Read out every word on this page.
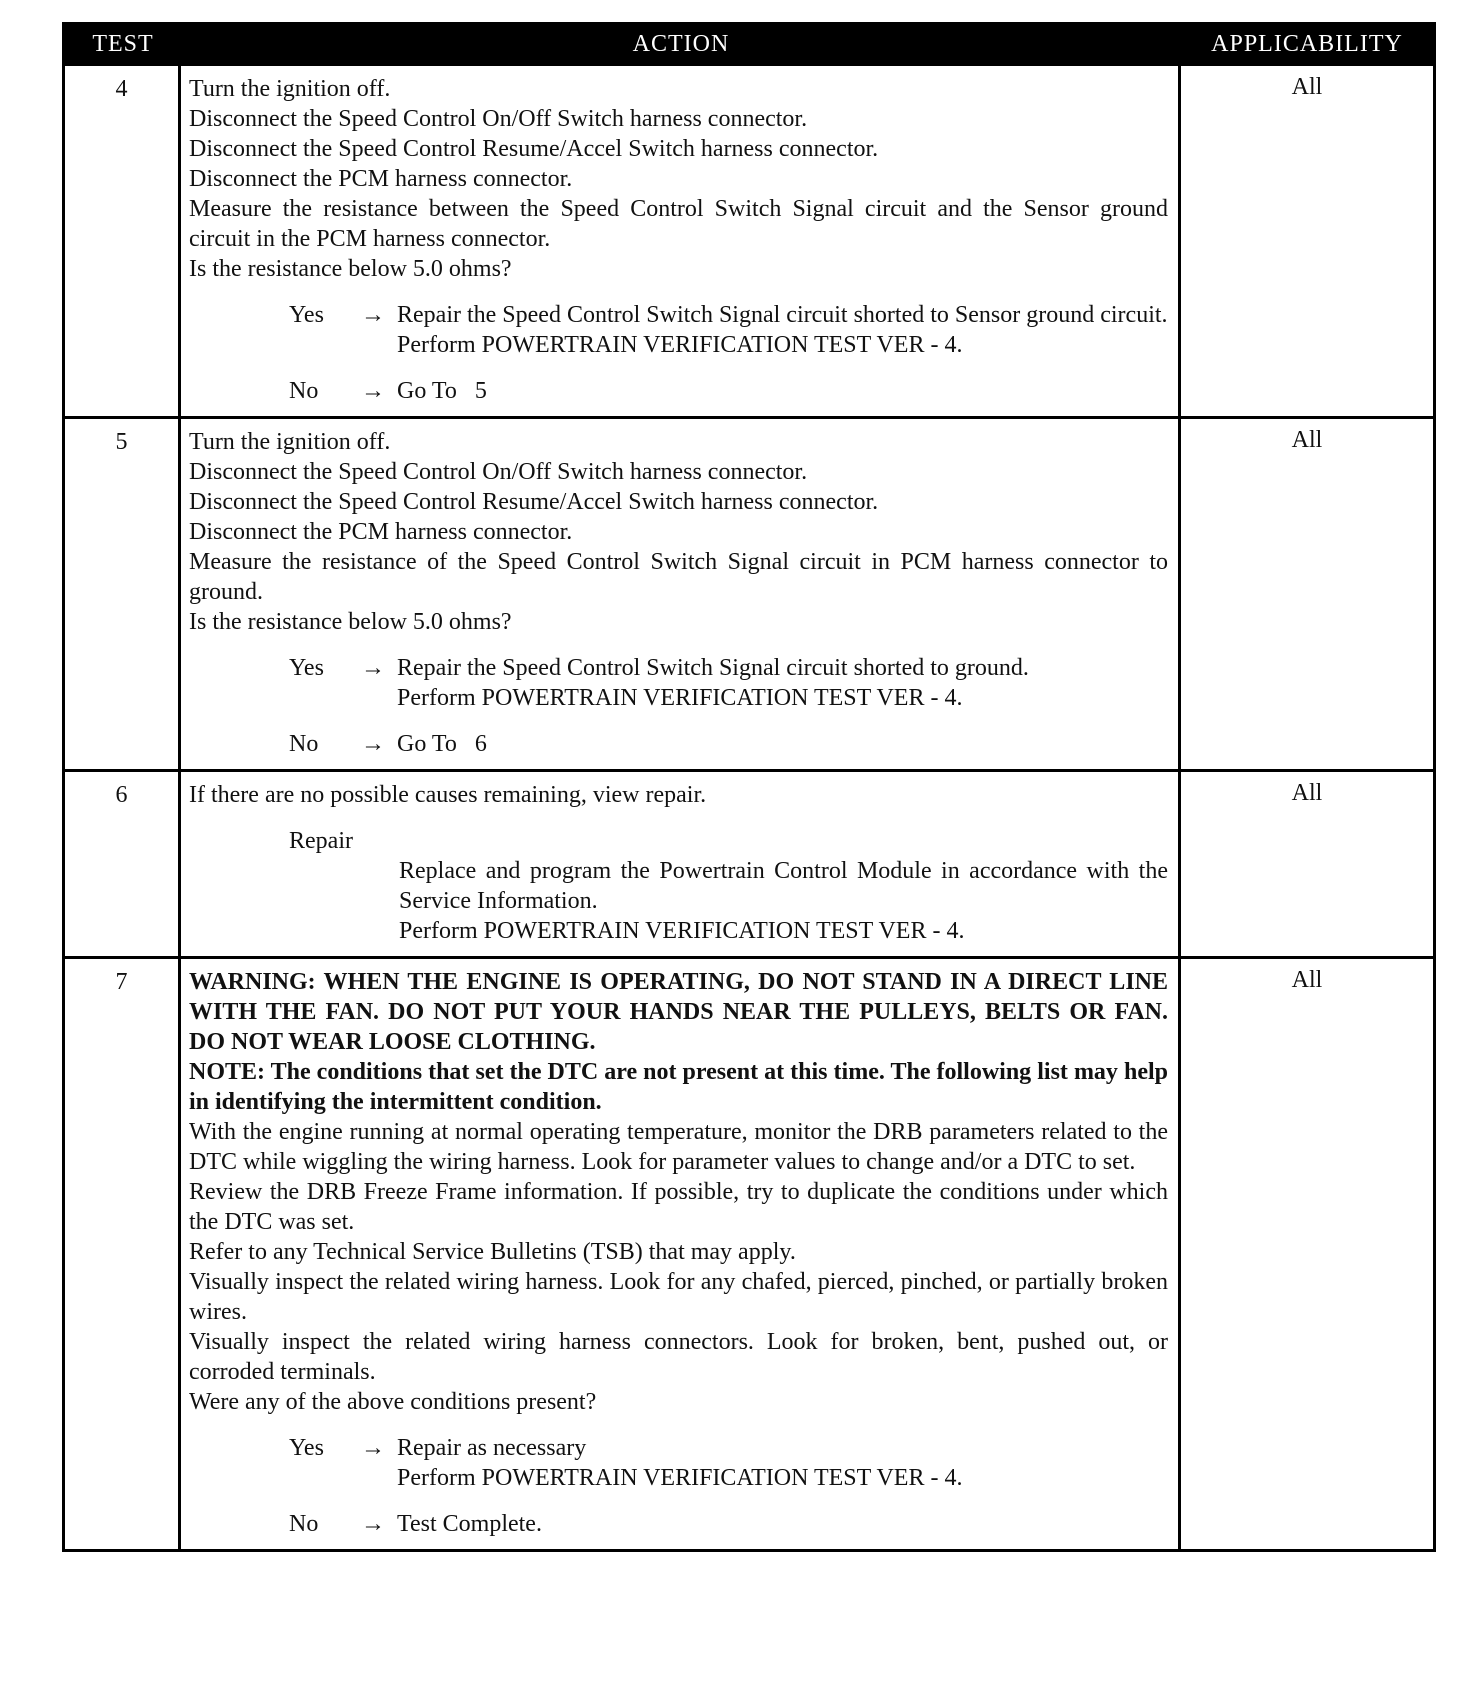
TEST	ACTION	APPLICABILITY
4	Turn the ignition off.
Disconnect the Speed Control On/Off Switch harness connector.
Disconnect the Speed Control Resume/Accel Switch harness connector.
Disconnect the PCM harness connector.
Measure the resistance between the Speed Control Switch Signal circuit and the Sensor ground circuit in the PCM harness connector.
Is the resistance below 5.0 ohms?
Yes	→ Repair the Speed Control Switch Signal circuit shorted to Sensor ground circuit.
Perform POWERTRAIN VERIFICATION TEST VER - 4.
No	→ Go To   5
All
5	Turn the ignition off.
Disconnect the Speed Control On/Off Switch harness connector.
Disconnect the Speed Control Resume/Accel Switch harness connector.
Disconnect the PCM harness connector.
Measure the resistance of the Speed Control Switch Signal circuit in PCM harness connector to ground.
Is the resistance below 5.0 ohms?
Yes	→ Repair the Speed Control Switch Signal circuit shorted to ground.
Perform POWERTRAIN VERIFICATION TEST VER - 4.
No	→ Go To   6
All
6	If there are no possible causes remaining, view repair.
Repair
Replace and program the Powertrain Control Module in accordance with the Service Information.
Perform POWERTRAIN VERIFICATION TEST VER - 4.
All
7	WARNING: WHEN THE ENGINE IS OPERATING, DO NOT STAND IN A DIRECT LINE WITH THE FAN. DO NOT PUT YOUR HANDS NEAR THE PULLEYS, BELTS OR FAN. DO NOT WEAR LOOSE CLOTHING.
NOTE: The conditions that set the DTC are not present at this time. The following list may help in identifying the intermittent condition.
With the engine running at normal operating temperature, monitor the DRB parameters related to the DTC while wiggling the wiring harness. Look for parameter values to change and/or a DTC to set.
Review the DRB Freeze Frame information. If possible, try to duplicate the conditions under which the DTC was set.
Refer to any Technical Service Bulletins (TSB) that may apply.
Visually inspect the related wiring harness. Look for any chafed, pierced, pinched, or partially broken wires.
Visually inspect the related wiring harness connectors. Look for broken, bent, pushed out, or corroded terminals.
Were any of the above conditions present?
Yes	→ Repair as necessary
Perform POWERTRAIN VERIFICATION TEST VER - 4.
No	→ Test Complete.
All
